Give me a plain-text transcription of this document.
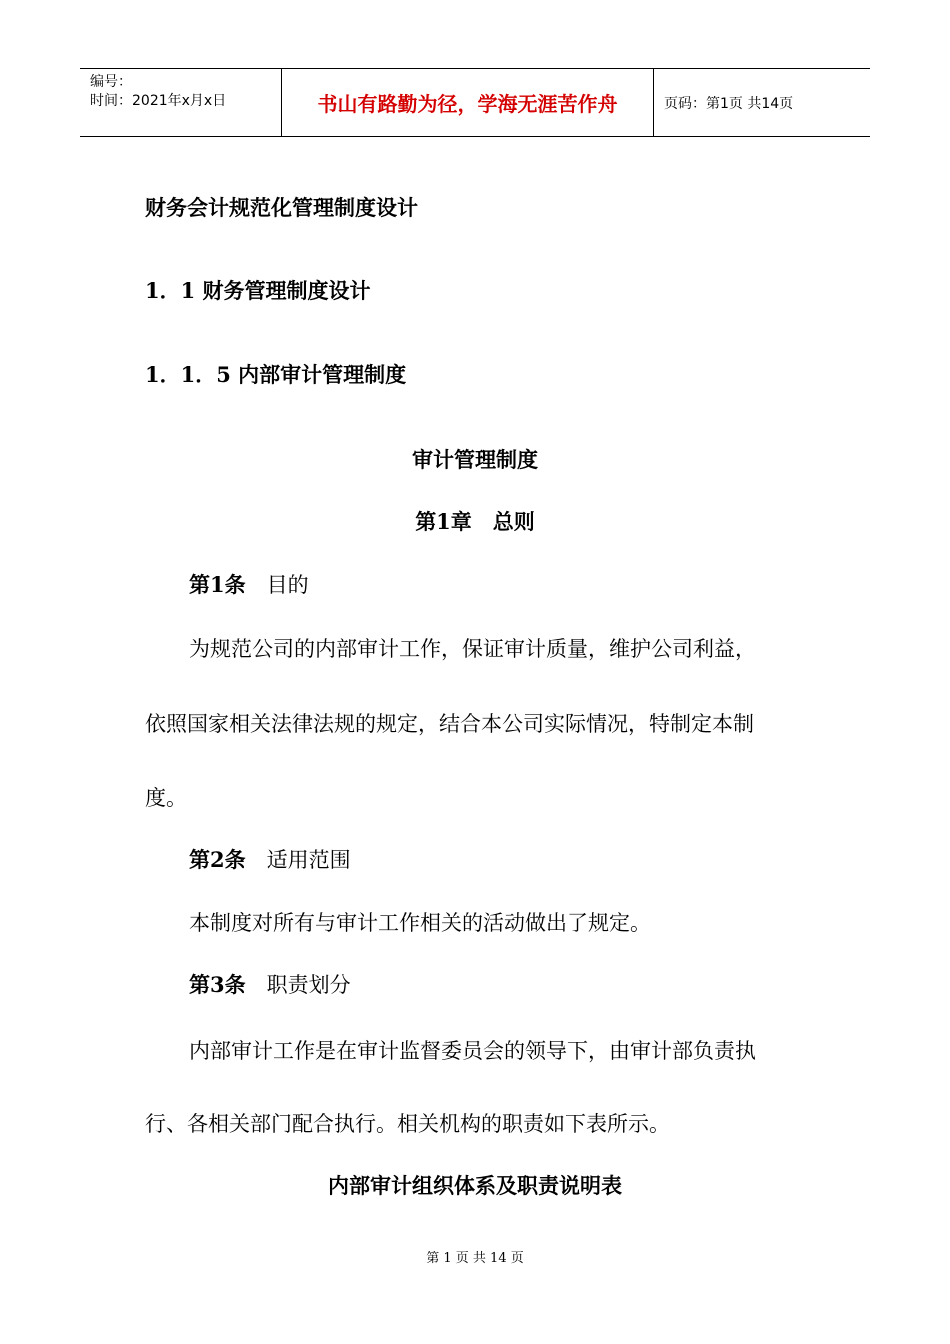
编号：
时间：2021年x月x日	书山有路勤为径，学海无涯苦作舟	页码：第1页 共14页
财务会计规范化管理制度设计
1．1 财务管理制度设计
1．1．5 内部审计管理制度
审计管理制度
第1章　总则
第1条 目的
为规范公司的内部审计工作，保证审计质量，维护公司利益，
依照国家相关法律法规的规定，结合本公司实际情况，特制定本制
度。
第2条 适用范围
本制度对所有与审计工作相关的活动做出了规定。
第3条 职责划分
内部审计工作是在审计监督委员会的领导下，由审计部负责执
行、各相关部门配合执行。相关机构的职责如下表所示。
内部审计组织体系及职责说明表
第 1 页 共 14 页
